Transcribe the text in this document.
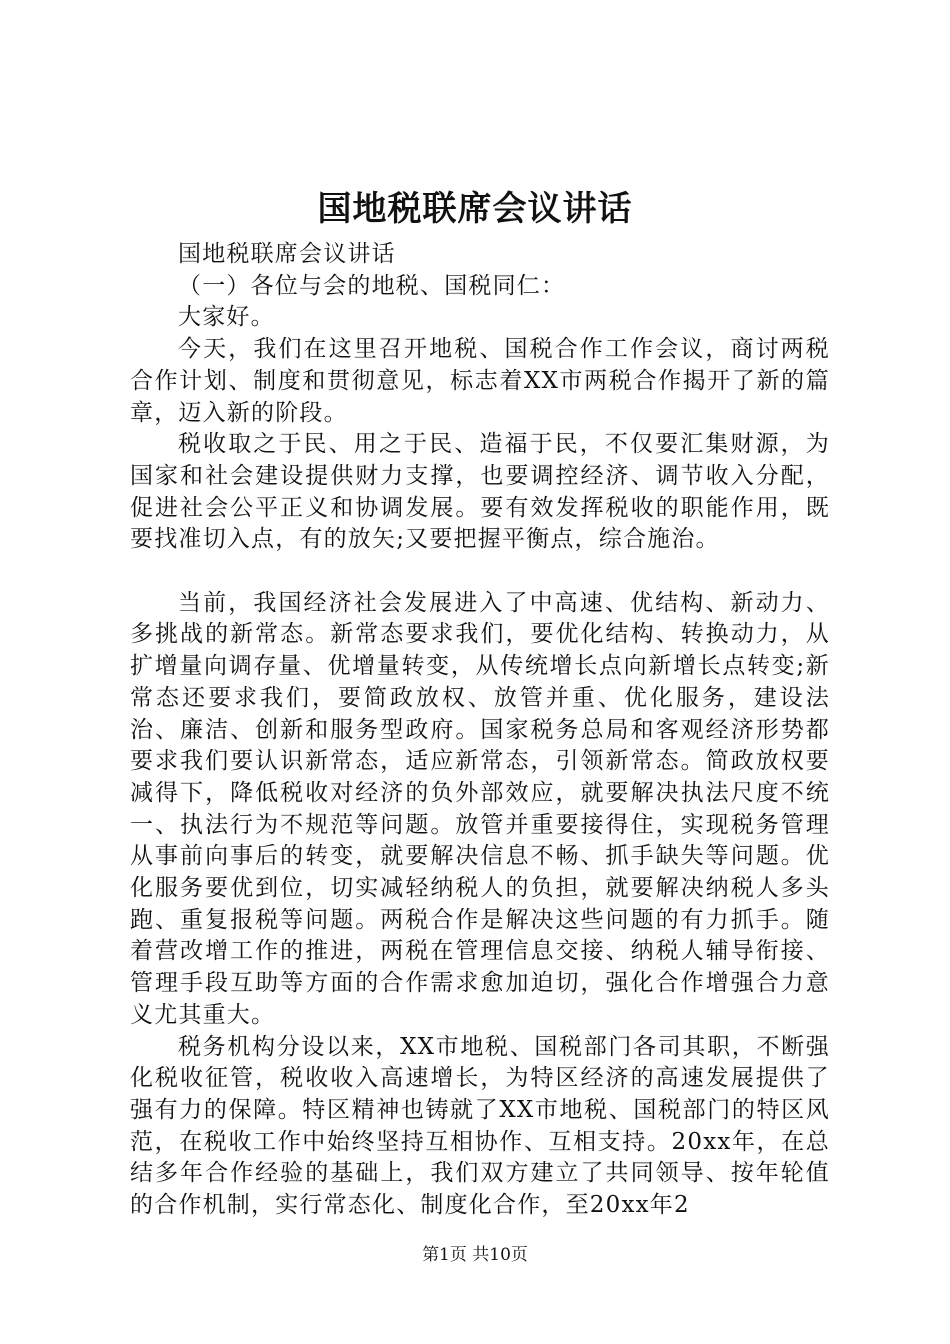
国地税联席会议讲话

国地税联席会议讲话

（一）各位与会的地税、国税同仁：

大家好。

今天，我们在这里召开地税、国税合作工作会议，商讨两税合作计划、制度和贯彻意见，标志着XX市两税合作揭开了新的篇章，迈入新的阶段。

税收取之于民、用之于民、造福于民，不仅要汇集财源，为国家和社会建设提供财力支撑，也要调控经济、调节收入分配，促进社会公平正义和协调发展。要有效发挥税收的职能作用，既要找准切入点，有的放矢;又要把握平衡点，综合施治。

当前，我国经济社会发展进入了中高速、优结构、新动力、多挑战的新常态。新常态要求我们，要优化结构、转换动力，从扩增量向调存量、优增量转变，从传统增长点向新增长点转变;新常态还要求我们，要简政放权、放管并重、优化服务，建设法治、廉洁、创新和服务型政府。国家税务总局和客观经济形势都要求我们要认识新常态，适应新常态，引领新常态。简政放权要减得下，降低税收对经济的负外部效应，就要解决执法尺度不统一、执法行为不规范等问题。放管并重要接得住，实现税务管理从事前向事后的转变，就要解决信息不畅、抓手缺失等问题。优化服务要优到位，切实减轻纳税人的负担，就要解决纳税人多头跑、重复报税等问题。两税合作是解决这些问题的有力抓手。随着营改增工作的推进，两税在管理信息交接、纳税人辅导衔接、管理手段互助等方面的合作需求愈加迫切，强化合作增强合力意义尤其重大。

税务机构分设以来，XX市地税、国税部门各司其职，不断强化税收征管，税收收入高速增长，为特区经济的高速发展提供了强有力的保障。特区精神也铸就了XX市地税、国税部门的特区风范，在税收工作中始终坚持互相协作、互相支持。20xx年，在总结多年合作经验的基础上，我们双方建立了共同领导、按年轮值的合作机制，实行常态化、制度化合作，至20xx年2

第1页 共10页
